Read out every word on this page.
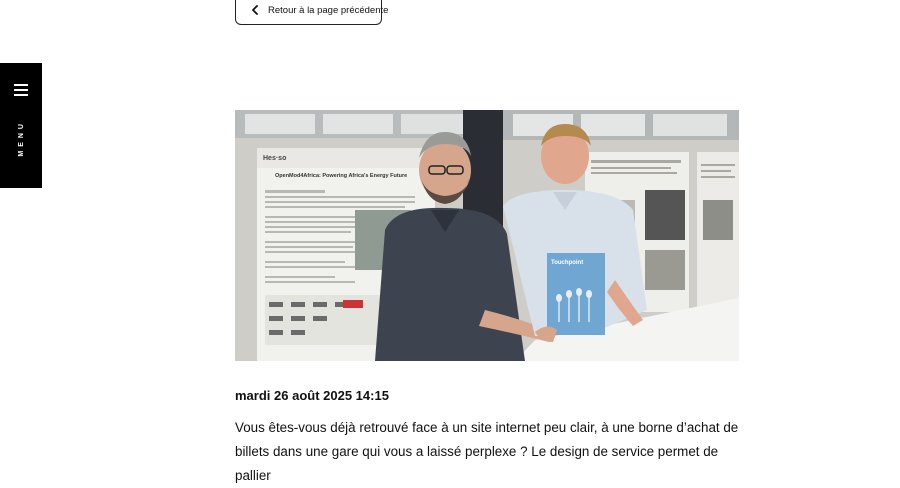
Retour à la page précédente
MENU
Hes·so
OpenMod4Africa: Powering Africa's Energy Future
Touchpoint
mardi 26 août 2025 14:15
Vous êtes-vous déjà retrouvé face à un site internet peu clair, à une borne d’achat de billets dans une gare qui vous a laissé perplexe ? Le design de service permet de pallier
